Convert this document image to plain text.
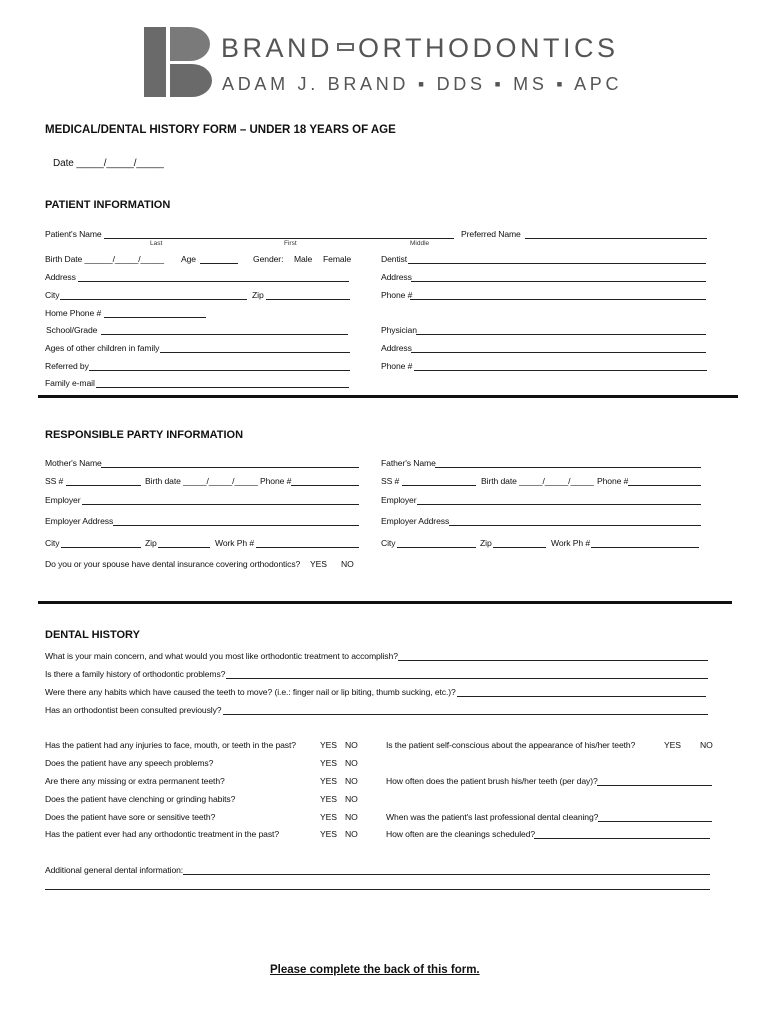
BRAND ORTHODONTICS
ADAM J. BRAND ▪ DDS ▪ MS ▪ APC
MEDICAL/DENTAL HISTORY FORM – UNDER 18 YEARS OF AGE
Date _____/_____/_____
PATIENT INFORMATION
Patient's Name
Last	First	Middle
Preferred Name
Birth Date ______/_____/_____ Age	Gender: Male Female	Dentist
Address	Address
City	Zip	Phone #
Home Phone #
School/Grade	Physician
Ages of other children in family	Address
Referred by	Phone #
Family e-mail
RESPONSIBLE PARTY INFORMATION
Mother's Name	Father's Name
SS #	Birth date _____/_____/_____ Phone #	SS #	Birth date _____/_____/_____ Phone #
Employer	Employer
Employer Address	Employer Address
City	Zip	Work Ph #	City	Zip	Work Ph #
Do you or your spouse have dental insurance covering orthodontics? YES NO
DENTAL HISTORY
What is your main concern, and what would you most like orthodontic treatment to accomplish?
Is there a family history of orthodontic problems?
Were there any habits which have caused the teeth to move? (i.e.: finger nail or lip biting, thumb sucking, etc.)?
Has an orthodontist been consulted previously?
Has the patient had any injuries to face, mouth, or teeth in the past?	YES NO
Does the patient have any speech problems?	YES NO
Are there any missing or extra permanent teeth?	YES NO
Does the patient have clenching or grinding habits?	YES NO
Does the patient have sore or sensitive teeth?	YES NO
Has the patient ever had any orthodontic treatment in the past?	YES NO
Is the patient self-conscious about the appearance of his/her teeth?	YES NO
How often does the patient brush his/her teeth (per day)?
When was the patient's last professional dental cleaning?
How often are the cleanings scheduled?
Additional general dental information:
Please complete the back of this form.
